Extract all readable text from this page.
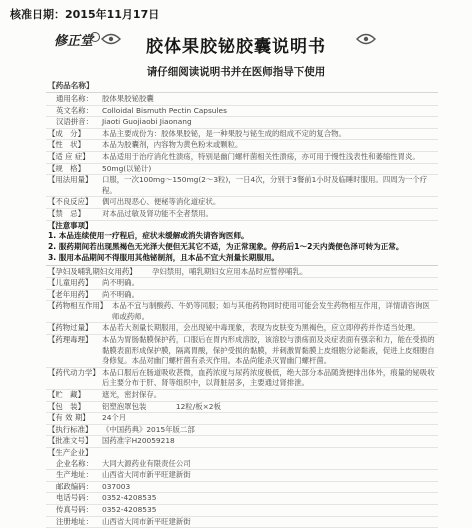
核准日期：2015年11月17日
修正堂	胶体果胶铋胶囊说明书
请仔细阅读说明书并在医师指导下使用
【药品名称】
通用名称：	胶体果胶铋胶囊
英文名称：	Colloidal Bismuth Pectin Capsules
汉语拼音：	Jiaoti Guojiaobi Jiaonang
【成　分】	本品主要成份为：胶体果胶铋，是一种果胶与铋生成的组成不定的复合物。
【性　状】	本品为胶囊剂，内容物为黄色粉末或颗粒。
【适 应 症】	本品适用于治疗消化性溃疡，特别是幽门螺杆菌相关性溃疡，亦可用于慢性浅表性和萎缩性胃炎。
【规　格】	50mg(以铋计)
【用法用量】	口服，一次100mg～150mg(2～3粒)，一日4次，分别于3餐前1小时及临睡时服用。四周为一个疗程。
【不良反应】	偶可出现恶心、便秘等消化道症状。
【禁　忌】	对本品过敏及肾功能不全者禁用。
【注意事项】
1. 本品连续使用一疗程后，症状未缓解或消失请咨询医师。
2. 服药期间若出现黑褐色无光泽大便但无其它不适，为正常现象。停药后1～2天内粪便色泽可转为正常。
3. 服用本品期间不得服用其他铋制剂，且本品不宜大剂量长期服用。
【孕妇及哺乳期妇女用药】	孕妇禁用，哺乳期妇女应用本品时应暂停哺乳。
【儿童用药】	尚不明确。
【老年用药】	尚不明确。
【药物相互作用】 本品不宜与制酸药、牛奶等同服；如与其他药物同时使用可能会发生药物相互作用，详情请咨询医师或药师。
【药物过量】	本品若大剂量长期服用，会出现铋中毒现象，表现为皮肤变为黑褐色，应立即停药并作适当处理。
【药理毒理】	本品为胃肠黏膜保护药，口服后在胃内形成溶胶，该溶胶与溃疡面及炎症表面有强亲和力，能在受损的黏膜表面形成保护膜，隔离胃酸，保护受损的黏膜，并刺激胃黏膜上皮细胞分泌黏液，促进上皮细胞自身修复。本品对幽门螺杆菌有杀灭作用。本品尚能杀灭胃幽门螺杆菌。
【药代动力学】 本品口服后在肠道吸收甚微，血药浓度与尿药浓度极低，绝大部分本品随粪便排出体外，痕量的铋吸收后主要分布于肝、肾等组织中，以肾脏居多，主要通过肾排泄。
【贮　藏】	遮光，密封保存。
【包　装】	铝塑泡罩包装　　　　12粒/板×2板
【有 效 期】	24个月
【执行标准】	《中国药典》2015年版二部
【批准文号】	国药准字H20059218
【生产企业】
企业名称：	大同大源药业有限责任公司
生产地址：	山西省大同市新平旺建新街
邮政编码：	037003
电话号码：	0352-4208535
传真号码：	0352-4208535
注册地址：	山西省大同市新平旺建新街
